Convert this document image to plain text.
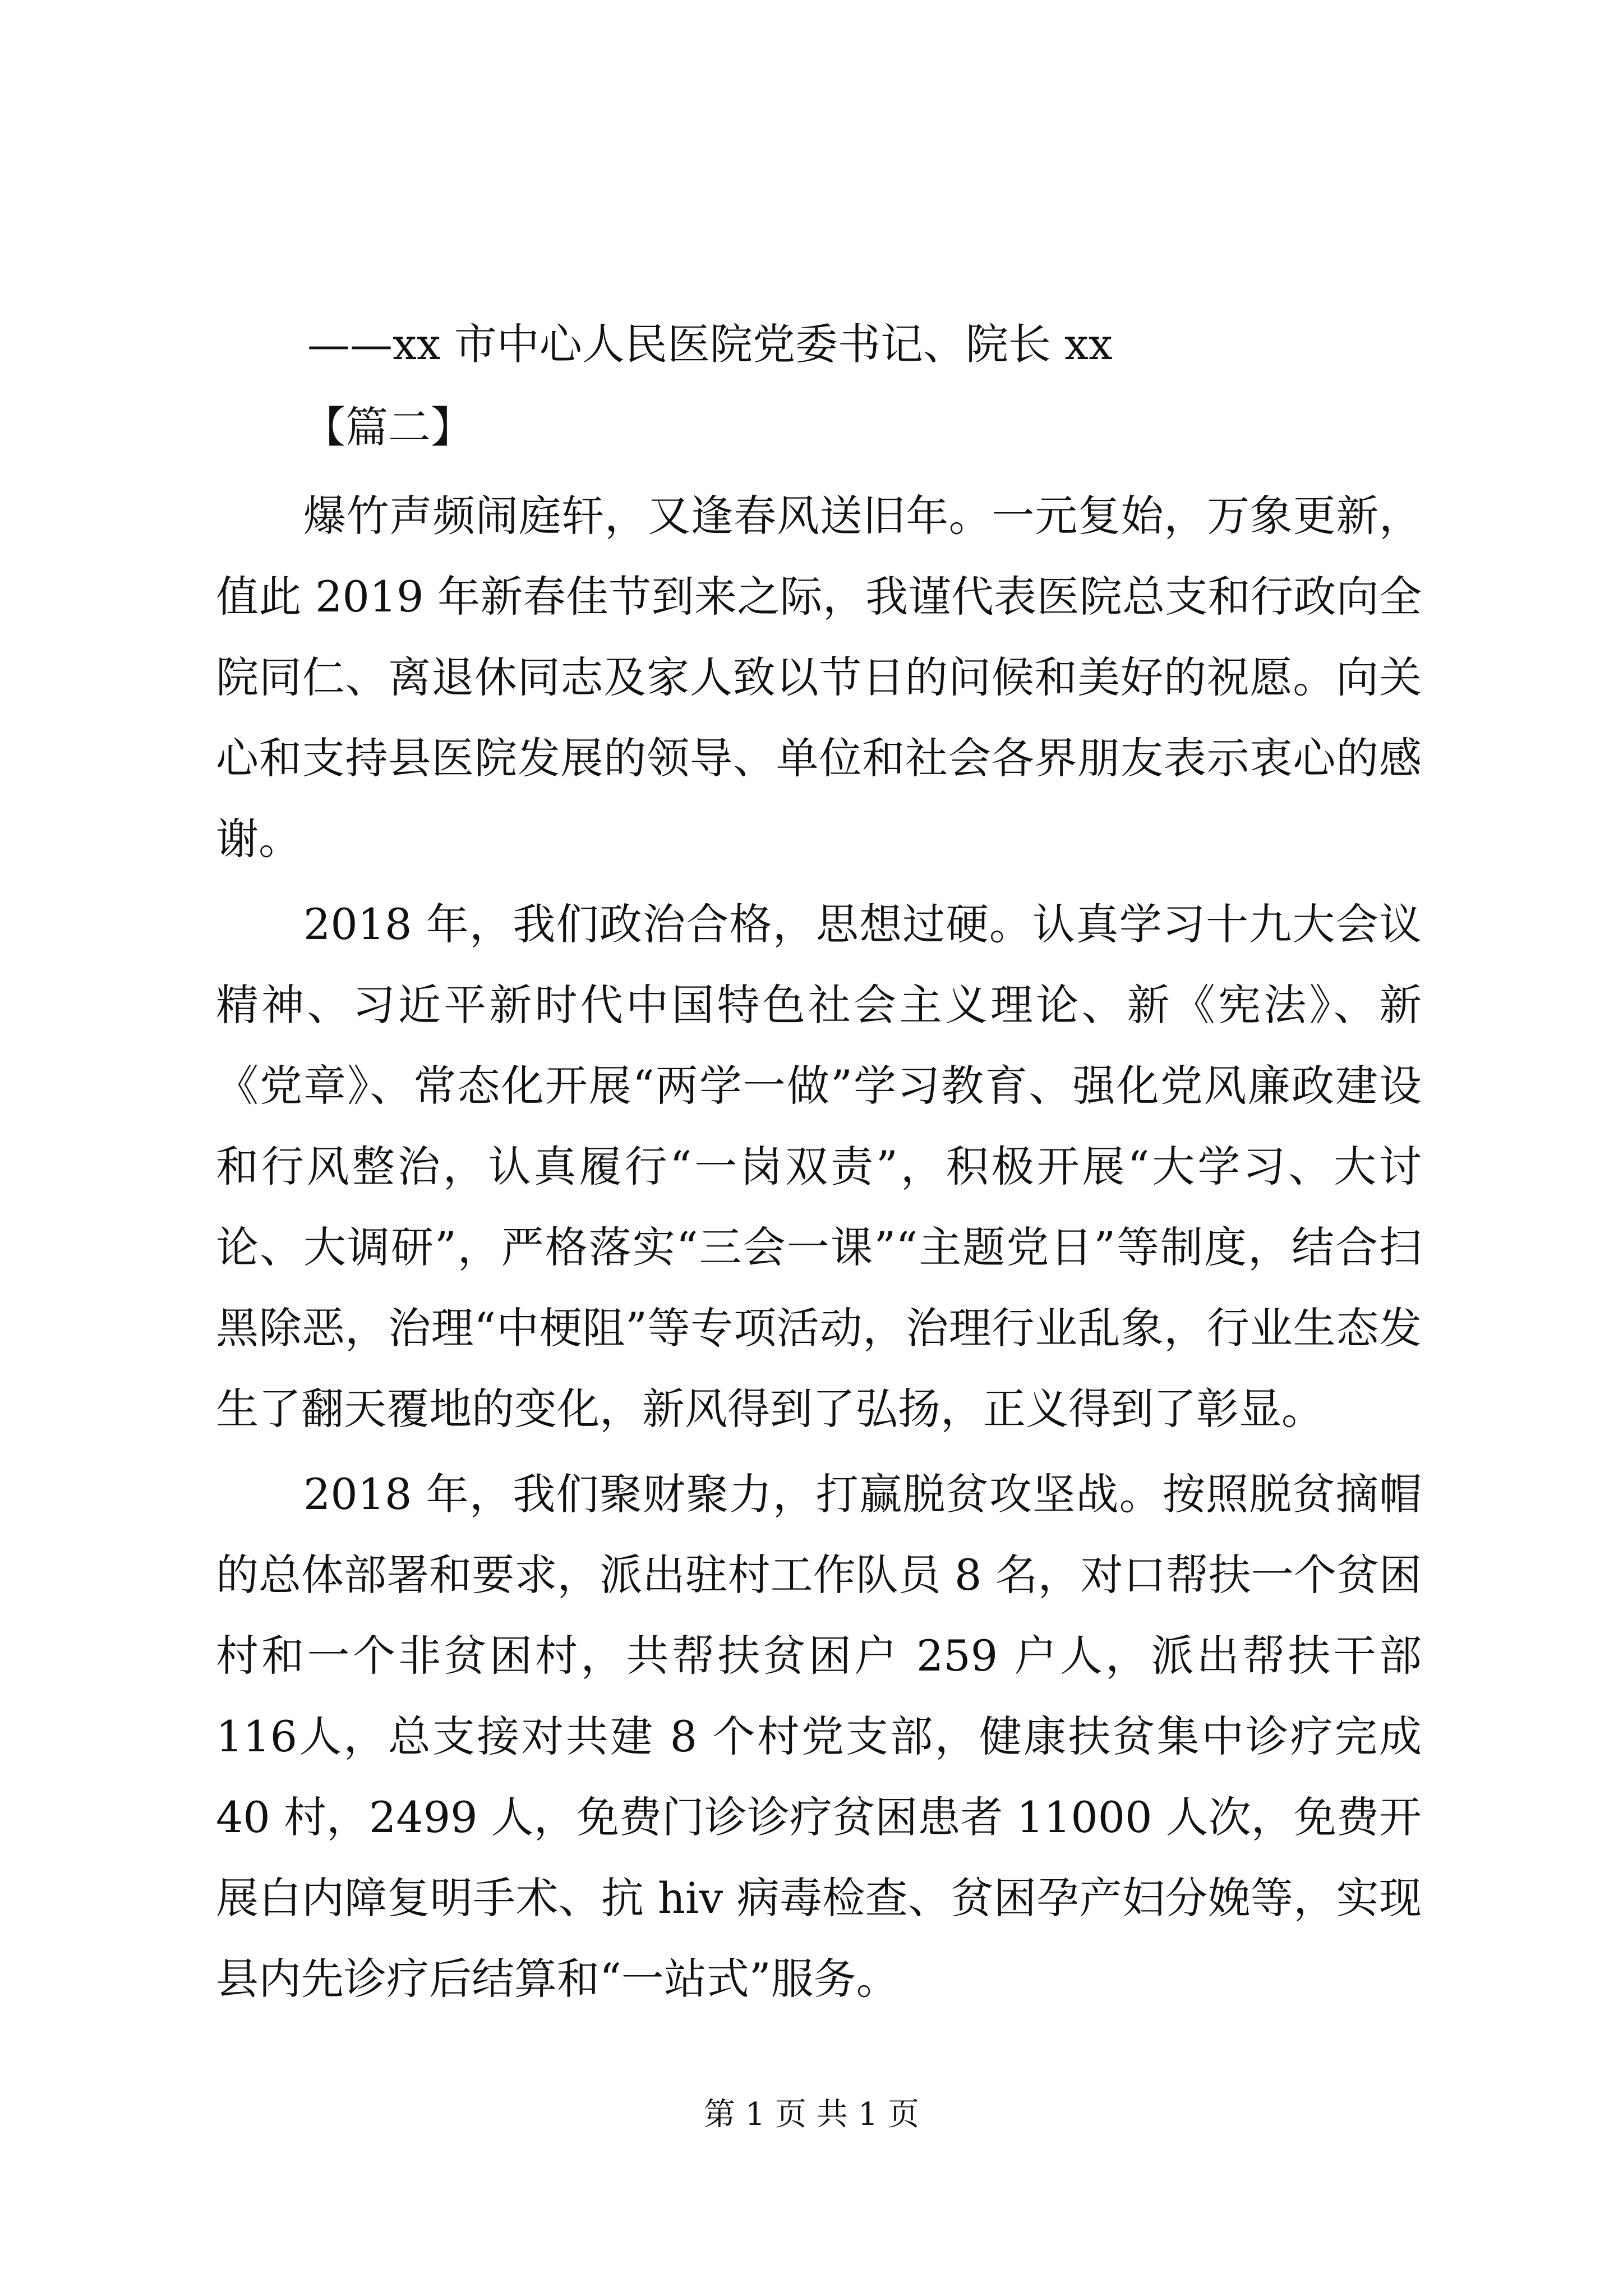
——xx 市中心人民医院党委书记、院长 xx
【篇二】

爆竹声频闹庭轩，又逢春风送旧年。一元复始，万象更新，值此 2019 年新春佳节到来之际，我谨代表医院总支和行政向全院同仁、离退休同志及家人致以节日的问候和美好的祝愿。向关心和支持县医院发展的领导、单位和社会各界朋友表示衷心的感谢。

2018 年，我们政治合格，思想过硬。认真学习十九大会议精神、习近平新时代中国特色社会主义理论、新《宪法》、新《党章》、常态化开展“两学一做”学习教育、强化党风廉政建设和行风整治，认真履行“一岗双责”，积极开展“大学习、大讨论、大调研”，严格落实“三会一课”“主题党日”等制度，结合扫黑除恶，治理“中梗阻”等专项活动，治理行业乱象，行业生态发生了翻天覆地的变化，新风得到了弘扬，正义得到了彰显。

2018 年，我们聚财聚力，打赢脱贫攻坚战。按照脱贫摘帽的总体部署和要求，派出驻村工作队员 8 名，对口帮扶一个贫困村和一个非贫困村，共帮扶贫困户 259 户人，派出帮扶干部 116人，总支接对共建 8 个村党支部，健康扶贫集中诊疗完成 40 村，2499 人，免费门诊诊疗贫困患者 11000 人次，免费开展白内障复明手术、抗 hiv 病毒检查、贫困孕产妇分娩等，实现县内先诊疗后结算和“一站式”服务。

第 1 页 共 1 页
